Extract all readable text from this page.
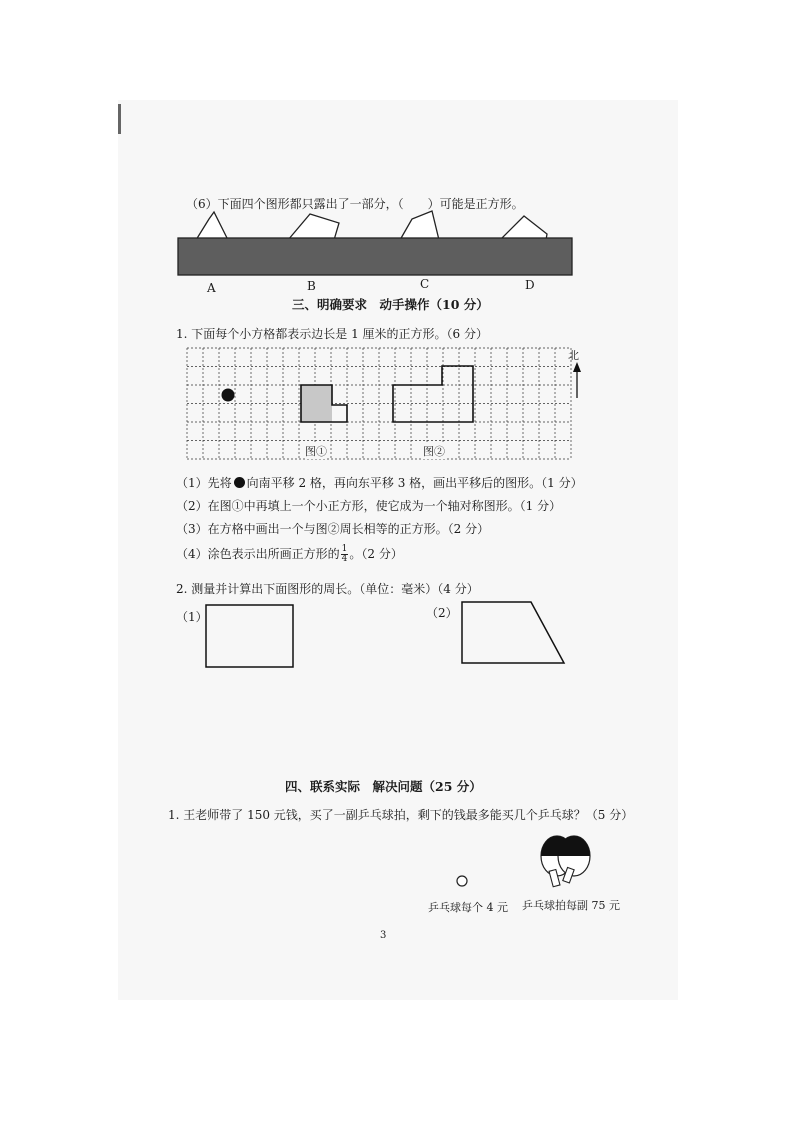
（6）下面四个图形都只露出了一部分，（　　）可能是正方形。
A	B	C	D
三、明确要求　动手操作（10 分）
1. 下面每个小方格都表示边长是 1 厘米的正方形。（6 分）
北
图①	图②
（1）先将 向南平移 2 格，再向东平移 3 格，画出平移后的图形。（1 分）
（2）在图①中再填上一个小正方形，使它成为一个轴对称图形。（1 分）
（3）在方格中画出一个与图②周长相等的正方形。（2 分）
（4）涂色表示出所画正方形的 $\frac{1}{4}$ 。（2 分）
2. 测量并计算出下面图形的周长。（单位：毫米）（4 分）
（1）	（2）
四、联系实际　解决问题（25 分）
1. 王老师带了 150 元钱，买了一副乒乓球拍，剩下的钱最多能买几个乒乓球？（5 分）
乒乓球每个 4 元 乒乓球拍每副 75 元
3
